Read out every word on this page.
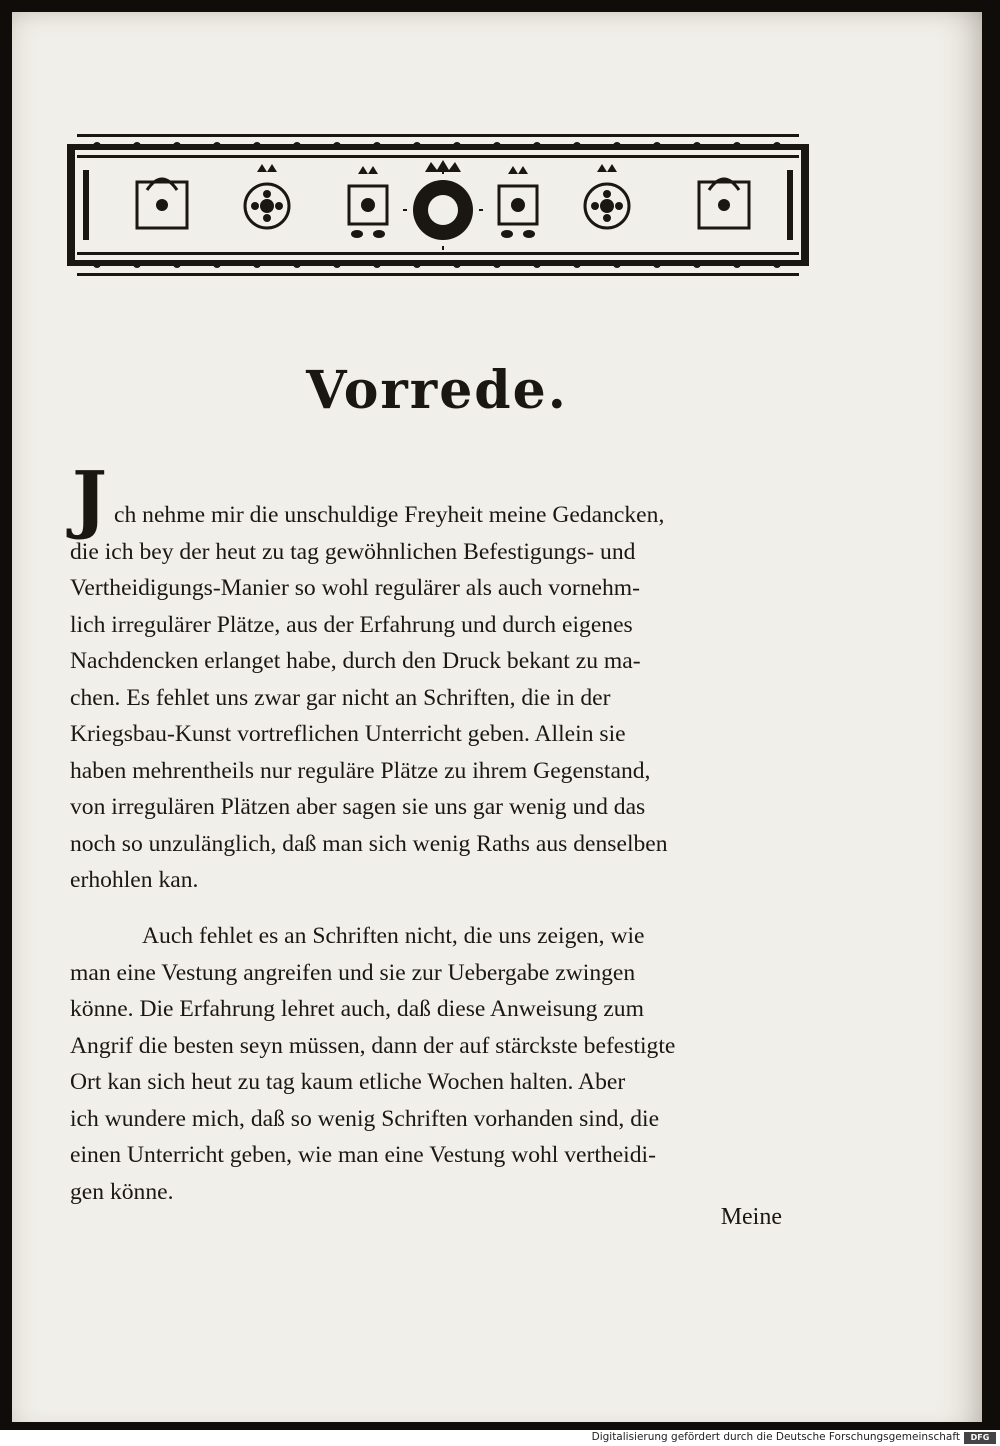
Vorrede.
J ch nehme mir die unschuldige Freyheit meine Gedancken,

die ich bey der heut zu tag gewöhnlichen Befestigungs- und

Vertheidigungs-Manier so wohl regulärer als auch vornehm-

lich irregulärer Plätze, aus der Erfahrung und durch eigenes

Nachdencken erlanget habe, durch den Druck bekant zu ma-

chen. Es fehlet uns zwar gar nicht an Schriften, die in der

Kriegsbau-Kunst vortreflichen Unterricht geben. Allein sie

haben mehrentheils nur reguläre Plätze zu ihrem Gegenstand,

von irregulären Plätzen aber sagen sie uns gar wenig und das

noch so unzulänglich, daß man sich wenig Raths aus denselben

erhohlen kan.

Auch fehlet es an Schriften nicht, die uns zeigen, wie

man eine Vestung angreifen und sie zur Uebergabe zwingen

könne. Die Erfahrung lehret auch, daß diese Anweisung zum

Angrif die besten seyn müssen, dann der auf stärckste befestigte

Ort kan sich heut zu tag kaum etliche Wochen halten. Aber

ich wundere mich, daß so wenig Schriften vorhanden sind, die

einen Unterricht geben, wie man eine Vestung wohl vertheidi-

gen könne.

Meine
Digitalisierung gefördert durch die Deutsche Forschungsgemeinschaft	DFG
